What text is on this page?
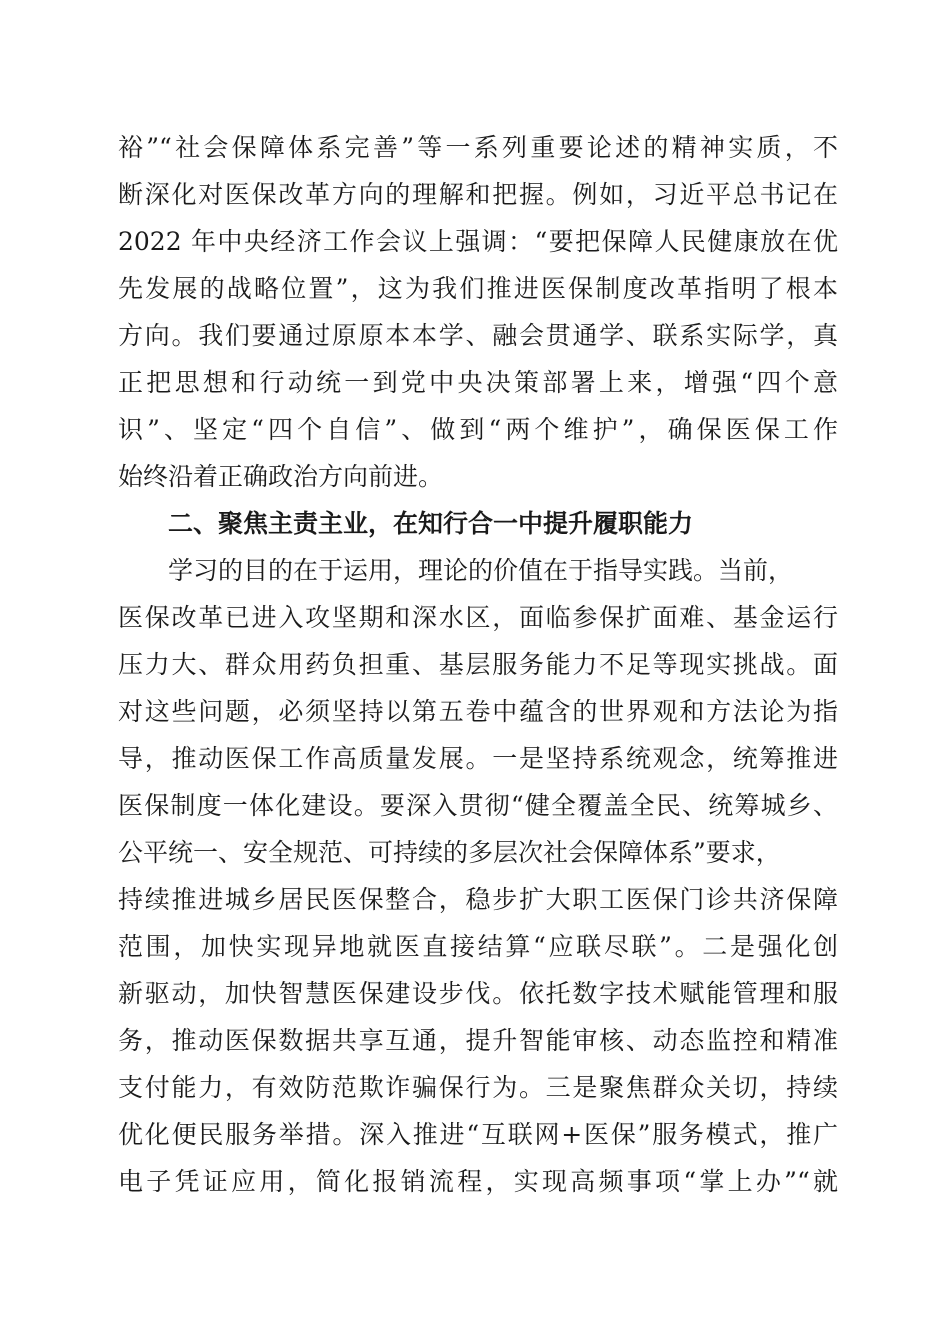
裕”“社会保障体系完善”等一系列重要论述的精神实质，不
断深化对医保改革方向的理解和把握。例如，习近平总书记在
2022 年中央经济工作会议上强调：“要把保障人民健康放在优
先发展的战略位置”，这为我们推进医保制度改革指明了根本
方向。我们要通过原原本本学、融会贯通学、联系实际学，真
正把思想和行动统一到党中央决策部署上来，增强“四个意
识”、坚定“四个自信”、做到“两个维护”，确保医保工作
始终沿着正确政治方向前进。
二、聚焦主责主业，在知行合一中提升履职能力
学习的目的在于运用，理论的价值在于指导实践。当前，
医保改革已进入攻坚期和深水区，面临参保扩面难、基金运行
压力大、群众用药负担重、基层服务能力不足等现实挑战。面
对这些问题，必须坚持以第五卷中蕴含的世界观和方法论为指
导，推动医保工作高质量发展。一是坚持系统观念，统筹推进
医保制度一体化建设。要深入贯彻“健全覆盖全民、统筹城乡、
公平统一、安全规范、可持续的多层次社会保障体系”要求，
持续推进城乡居民医保整合，稳步扩大职工医保门诊共济保障
范围，加快实现异地就医直接结算“应联尽联”。二是强化创
新驱动，加快智慧医保建设步伐。依托数字技术赋能管理和服
务，推动医保数据共享互通，提升智能审核、动态监控和精准
支付能力，有效防范欺诈骗保行为。三是聚焦群众关切，持续
优化便民服务举措。深入推进“互联网+医保”服务模式，推广
电子凭证应用，简化报销流程，实现高频事项“掌上办”“就
